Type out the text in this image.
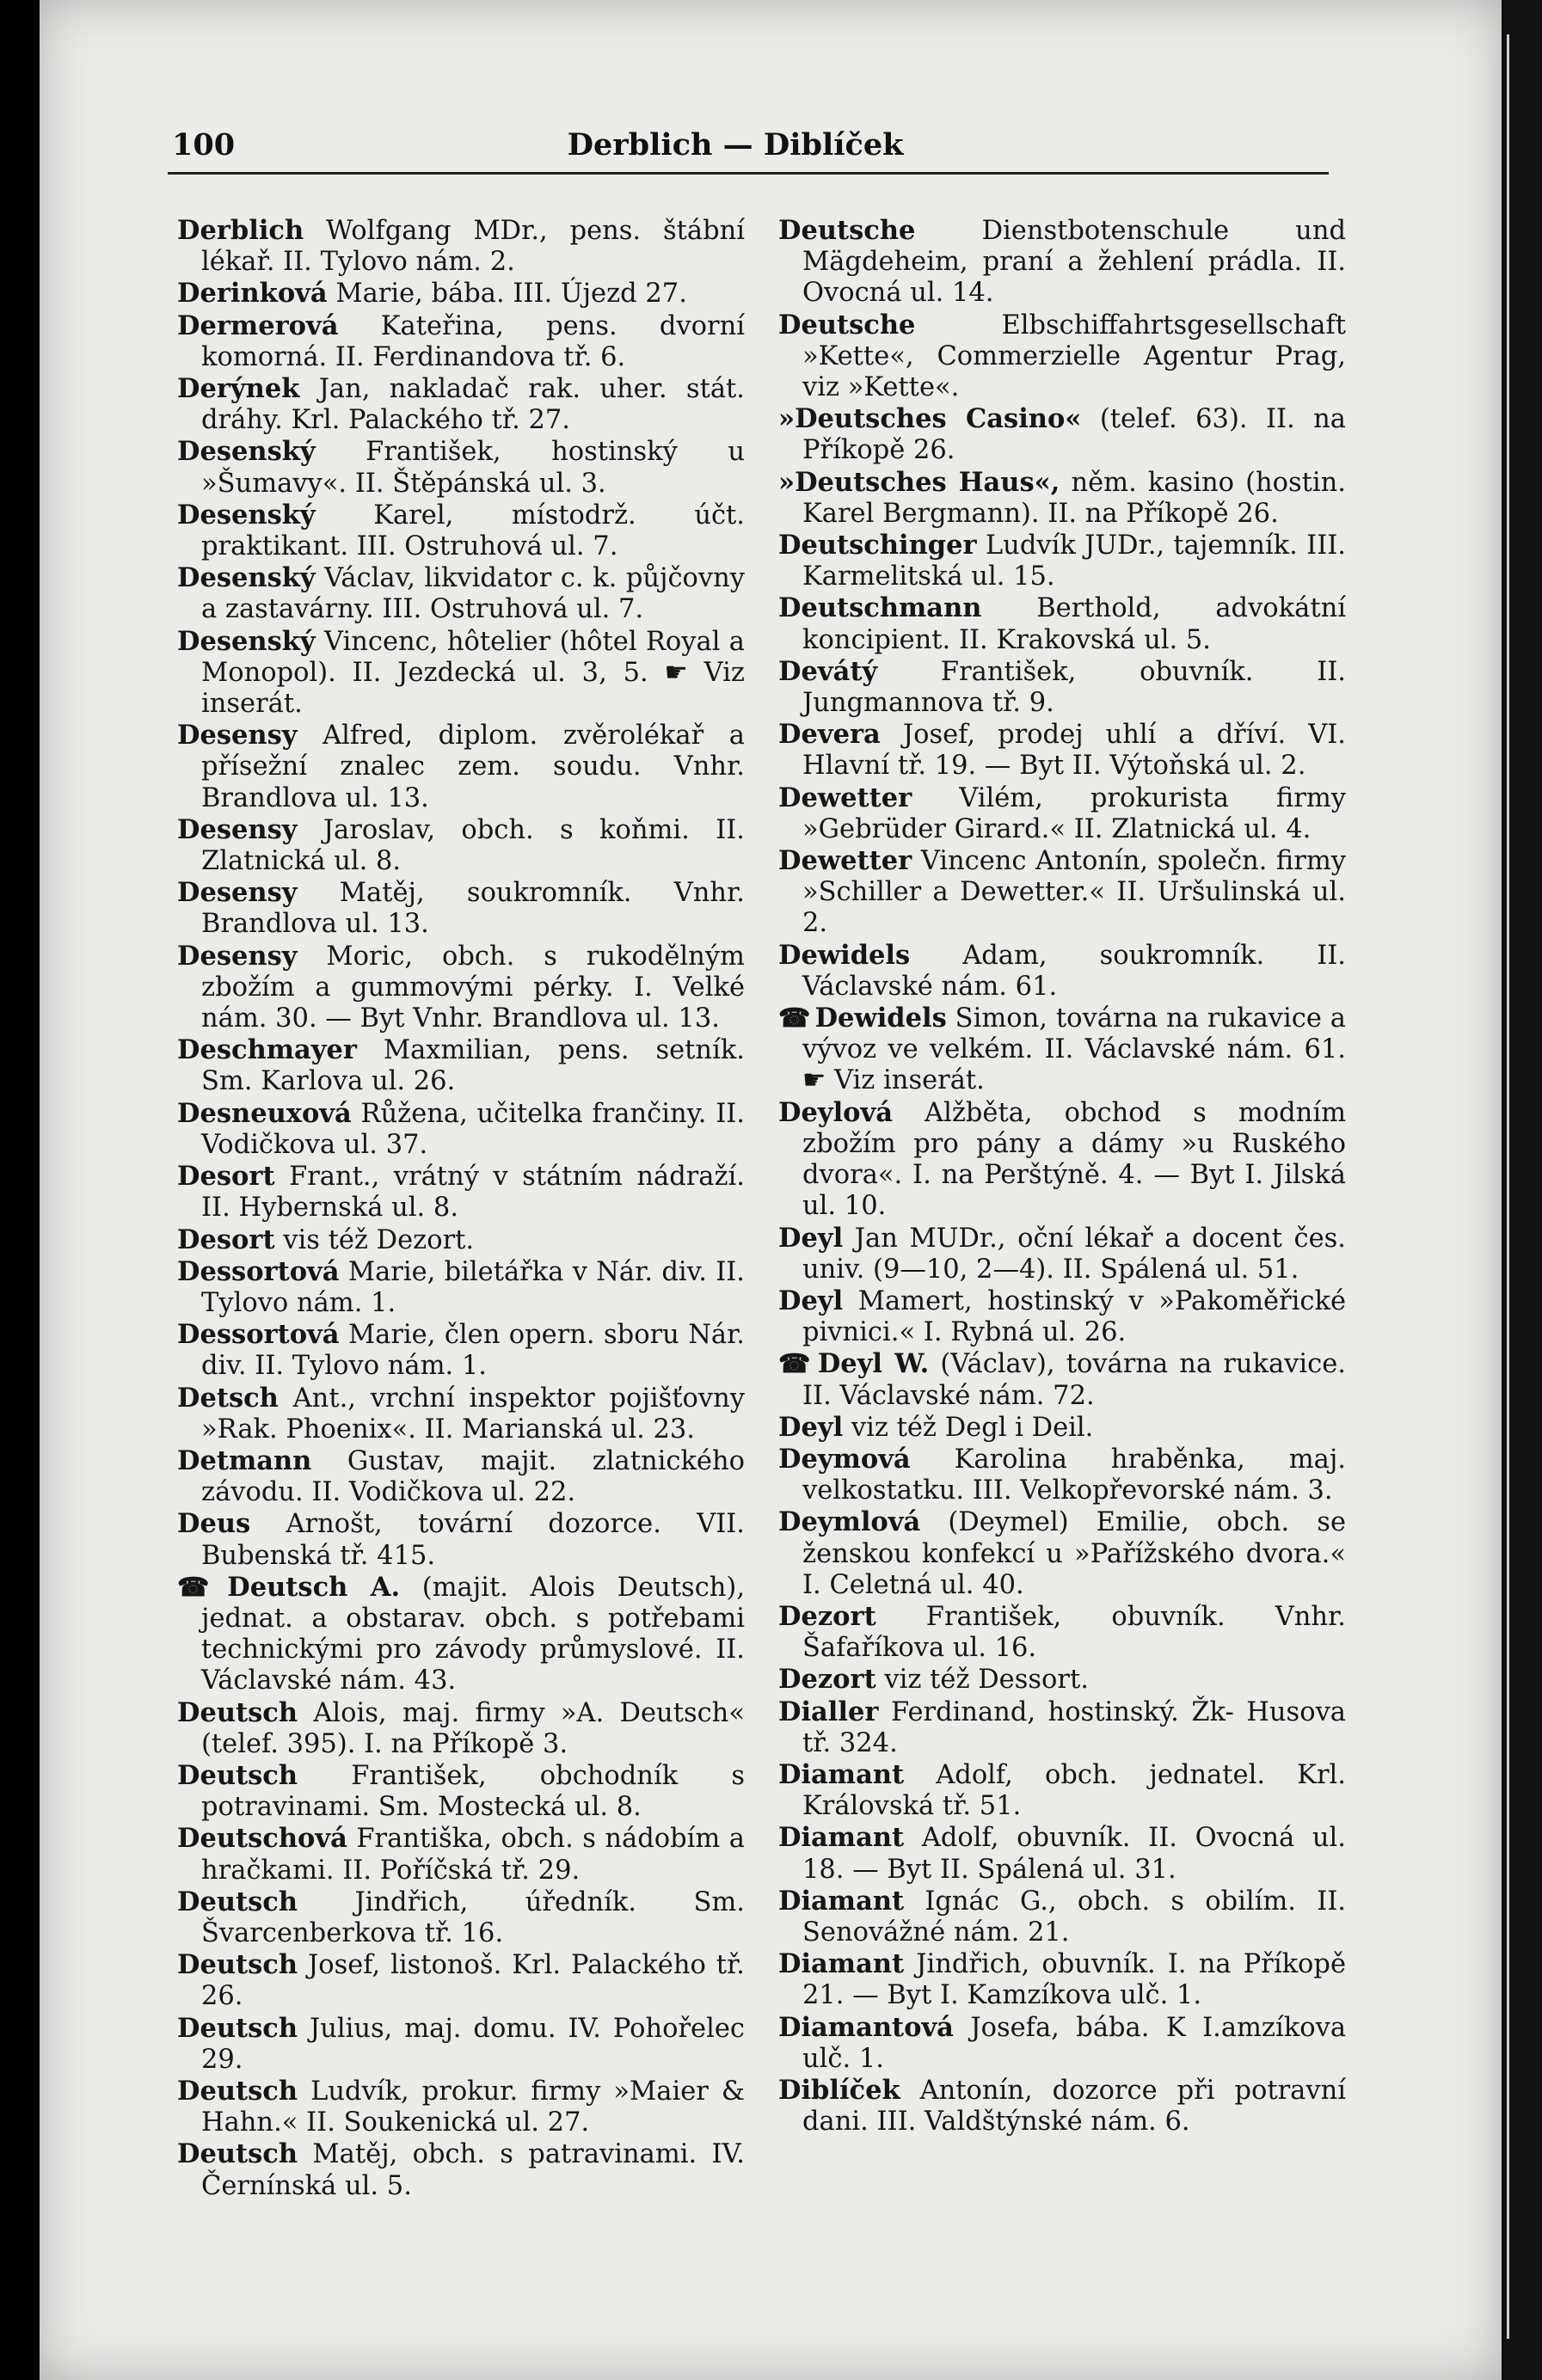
100	Derblich — Diblíček

Derblich Wolfgang MDr., pens. štábní lékař. II. Tylovo nám. 2.

Derinková Marie, bába. III. Újezd 27.

Dermerová Kateřina, pens. dvorní komorná. II. Ferdinandova tř. 6.

Derýnek Jan, nakladač rak. uher. stát. dráhy. Krl. Palackého tř. 27.

Desenský František, hostinský u »Šumavy«. II. Štěpánská ul. 3.

Desenský Karel, místodrž. účt. praktikant. III. Ostruhová ul. 7.

Desenský Václav, likvidator c. k. půjčovny a zastavárny. III. Ostruhová ul. 7.

Desenský Vincenc, hôtelier (hôtel Royal a Monopol). II. Jezdecká ul. 3, 5. ☛ Viz inserát.

Desensy Alfred, diplom. zvěrolékař a přísežní znalec zem. soudu. Vnhr. Brandlova ul. 13.

Desensy Jaroslav, obch. s koňmi. II. Zlatnická ul. 8.

Desensy Matěj, soukromník. Vnhr. Brandlova ul. 13.

Desensy Moric, obch. s rukodělným zbožím a gummovými pérky. I. Velké nám. 30. — Byt Vnhr. Brandlova ul. 13.

Deschmayer Maxmilian, pens. setník. Sm. Karlova ul. 26.

Desneuxová Růžena, učitelka frančiny. II. Vodičkova ul. 37.

Desort Frant., vrátný v státním nádraží. II. Hybernská ul. 8.

Desort vis též Dezort.

Dessortová Marie, biletářka v Nár. div. II. Tylovo nám. 1.

Dessortová Marie, člen opern. sboru Nár. div. II. Tylovo nám. 1.

Detsch Ant., vrchní inspektor pojišťovny »Rak. Phoenix«. II. Marianská ul. 23.

Detmann Gustav, majit. zlatnického závodu. II. Vodičkova ul. 22.

Deus Arnošt, tovární dozorce. VII. Bubenská tř. 415.

☎ Deutsch A. (majit. Alois Deutsch), jednat. a obstarav. obch. s potřebami technickými pro závody průmyslové. II. Václavské nám. 43.

Deutsch Alois, maj. firmy »A. Deutsch« (telef. 395). I. na Příkopě 3.

Deutsch František, obchodník s potravinami. Sm. Mostecká ul. 8.

Deutschová Františka, obch. s nádobím a hračkami. II. Poříčská tř. 29.

Deutsch Jindřich, úředník. Sm. Švarcenberkova tř. 16.

Deutsch Josef, listonoš. Krl. Palackého tř. 26.

Deutsch Julius, maj. domu. IV. Pohořelec 29.

Deutsch Ludvík, prokur. firmy »Maier & Hahn.« II. Soukenická ul. 27.

Deutsch Matěj, obch. s patravinami. IV. Černínská ul. 5.

Deutsche	Dienstbotenschule und Mägdeheim, praní a žehlení prádla. II. Ovocná ul. 14.

Deutsche	Elbschiffahrtsgesellschaft »Kette«, Commerzielle Agentur Prag, viz »Kette«.

»Deutsches Casino« (telef. 63). II. na Příkopě 26.

»Deutsches Haus«, něm. kasino (hostin. Karel Bergmann). II. na Příkopě 26.

Deutschinger Ludvík JUDr., tajemník. III. Karmelitská ul. 15.

Deutschmann Berthold, advokátní koncipient. II. Krakovská ul. 5.

Devátý František, obuvník. II. Jungmannova tř. 9.

Devera Josef, prodej uhlí a dříví. VI. Hlavní tř. 19. — Byt II. Výtoňská ul. 2.

Dewetter Vilém, prokurista firmy »Gebrüder Girard.« II. Zlatnická ul. 4.

Dewetter Vincenc Antonín, společn. firmy »Schiller a Dewetter.« II. Uršulinská ul. 2.

Dewidels Adam, soukromník. II. Václavské nám. 61.

☎ Dewidels Simon, továrna na rukavice a vývoz ve velkém. II. Václavské nám. 61. ☛ Viz inserát.

Deylová Alžběta, obchod s modním zbožím pro pány a dámy »u Ruského dvora«. I. na Perštýně. 4. — Byt I. Jilská ul. 10.

Deyl Jan MUDr., oční lékař a docent čes. univ. (9—10, 2—4). II. Spálená ul. 51.

Deyl Mamert, hostinský v »Pakoměřické pivnici.« I. Rybná ul. 26.

☎ Deyl W. (Václav), továrna na rukavice. II. Václavské nám. 72.

Deyl viz též Degl i Deil.

Deymová Karolina hraběnka, maj. velkostatku. III. Velkopřevorské nám. 3.

Deymlová (Deymel) Emilie, obch. se ženskou konfekcí u »Pařížského dvora.« I. Celetná ul. 40.

Dezort František, obuvník. Vnhr. Šafaříkova ul. 16.

Dezort viz též Dessort.

Dialler Ferdinand, hostinský. Žk- Husova tř. 324.

Diamant Adolf, obch. jednatel. Krl. Královská tř. 51.

Diamant Adolf, obuvník. II. Ovocná ul. 18. — Byt II. Spálená ul. 31.

Diamant Ignác G., obch. s obilím. II. Senovážné nám. 21.

Diamant Jindřich, obuvník. I. na Příkopě 21. — Byt I. Kamzíkova ulč. 1.

Diamantová Josefa, bába. K I.amzíkova ulč. 1.

Diblíček Antonín, dozorce při potravní dani. III. Valdštýnské nám. 6.
